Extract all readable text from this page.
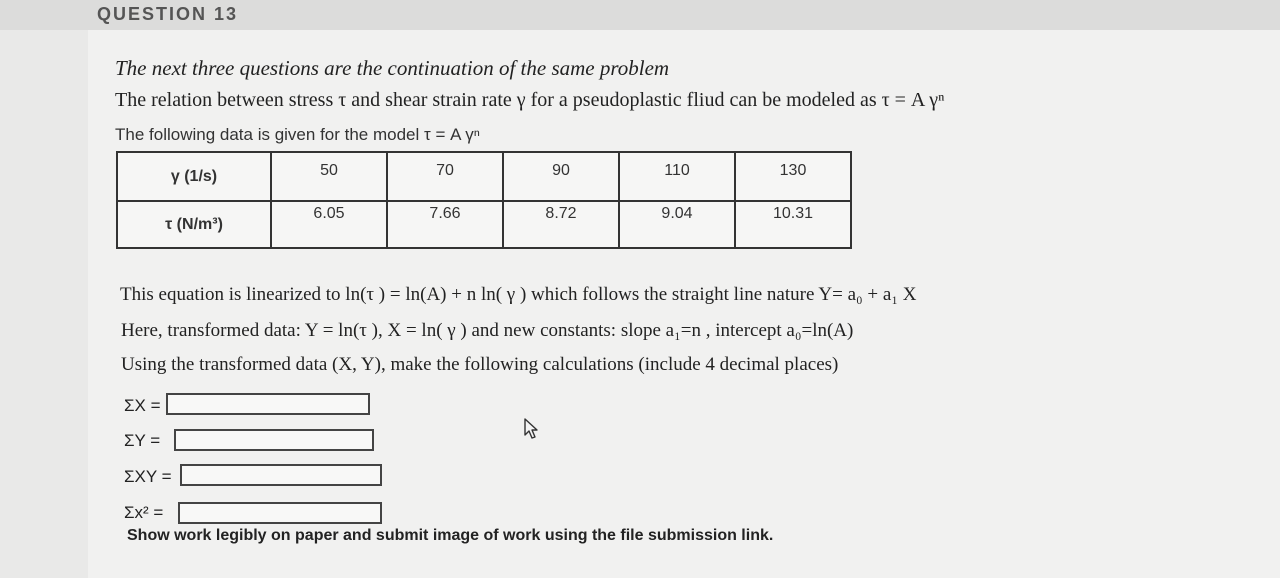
QUESTION 13
The next three questions are the continuation of the same problem
The relation between stress τ and shear strain rate γ for a pseudoplastic fliud can be modeled as τ = A γⁿ
The following data is given for the model τ = A γⁿ
γ (1/s)	50	70	90	110	130
τ (N/m³)	6.05	7.66	8.72	9.04	10.31
This equation is linearized to ln(τ ) = ln(A) + n ln( γ ) which follows the straight line nature Y= a₀ + a₁ X
Here, transformed data: Y = ln(τ ), X = ln( γ ) and new constants: slope a₁=n , intercept a₀=ln(A)
Using the transformed data (X, Y), make the following calculations (include 4 decimal places)
ΣX =
ΣY =
ΣXY =
Σx² =
Show work legibly on paper and submit image of work using the file submission link.
